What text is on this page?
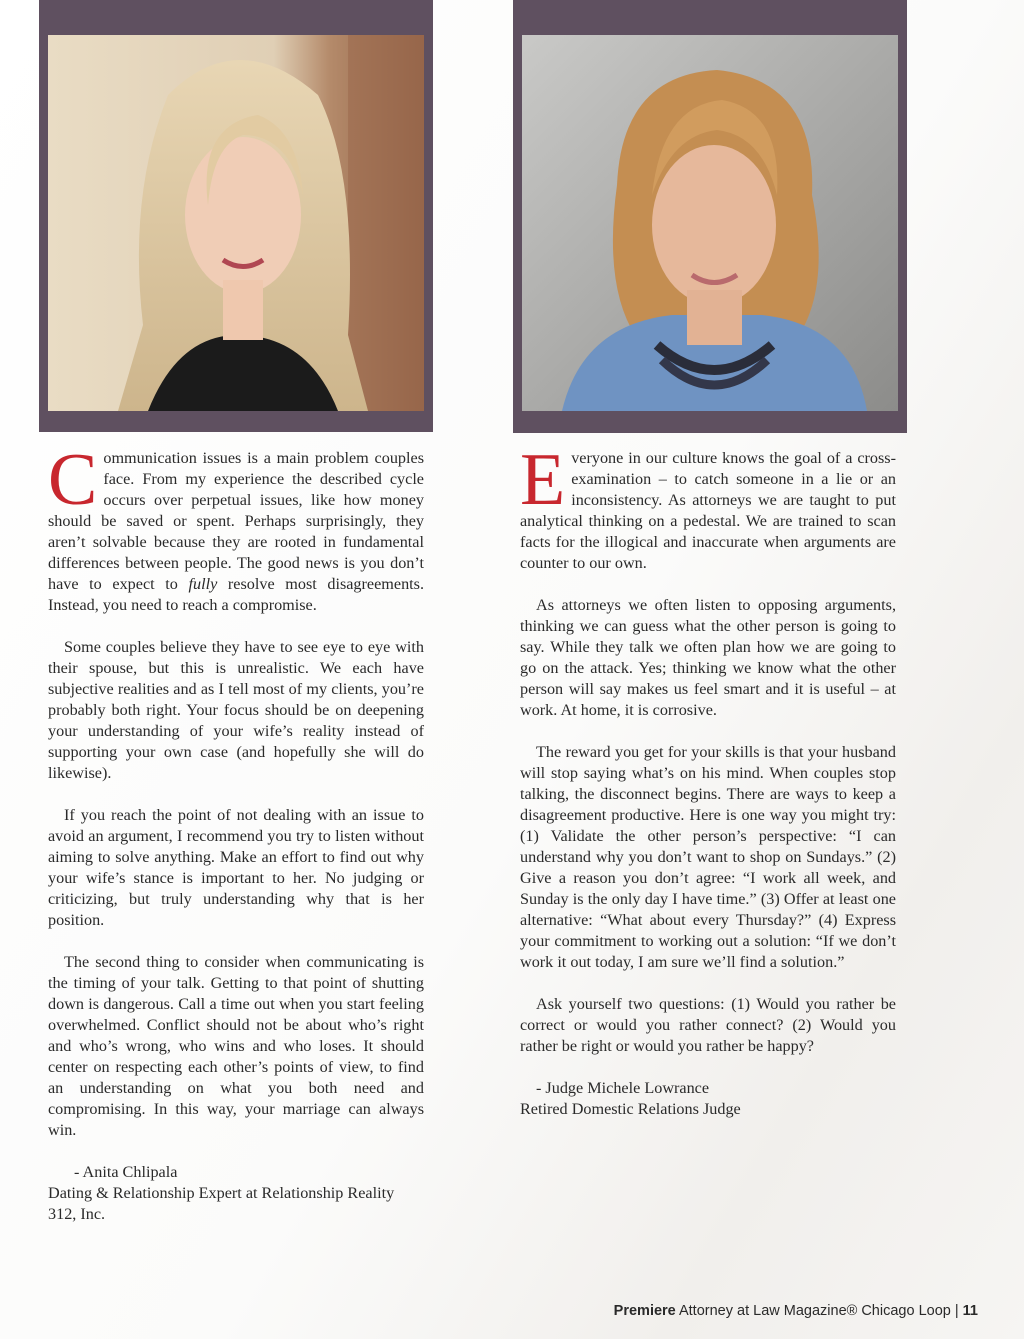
Communication issues is a main problem couples face. From my experience the described cycle occurs over perpetual issues, like how money should be saved or spent. Perhaps surprisingly, they aren’t solvable because they are rooted in fundamental differences between people. The good news is you don’t have to expect to fully resolve most disagreements. Instead, you need to reach a compromise.

Some couples believe they have to see eye to eye with their spouse, but this is unrealistic. We each have subjective realities and as I tell most of my clients, you’re probably both right. Your focus should be on deepening your understanding of your wife’s reality instead of supporting your own case (and hopefully she will do likewise).

If you reach the point of not dealing with an issue to avoid an argument, I recommend you try to listen without aiming to solve anything. Make an effort to find out why your wife’s stance is important to her. No judging or criticizing, but truly understanding why that is her position.

The second thing to consider when communicating is the timing of your talk. Getting to that point of shutting down is dangerous. Call a time out when you start feeling overwhelmed. Conflict should not be about who’s right and who’s wrong, who wins and who loses. It should center on respecting each other’s points of view, to find an understanding on what you both need and compromising. In this way, your marriage can always win.

- Anita Chlipala
Dating & Relationship Expert at Relationship Reality 312, Inc.

Everyone in our culture knows the goal of a cross-examination – to catch someone in a lie or an inconsistency. As attorneys we are taught to put analytical thinking on a pedestal. We are trained to scan facts for the illogical and inaccurate when arguments are counter to our own.

As attorneys we often listen to opposing arguments, thinking we can guess what the other person is going to say. While they talk we often plan how we are going to go on the attack. Yes; thinking we know what the other person will say makes us feel smart and it is useful – at work. At home, it is corrosive.

The reward you get for your skills is that your husband will stop saying what’s on his mind. When couples stop talking, the disconnect begins. There are ways to keep a disagreement productive. Here is one way you might try: (1) Validate the other person’s perspective: “I can understand why you don’t want to shop on Sundays.” (2) Give a reason you don’t agree: “I work all week, and Sunday is the only day I have time.” (3) Offer at least one alternative: “What about every Thursday?” (4) Express your commitment to working out a solution: “If we don’t work it out today, I am sure we’ll find a solution.”

Ask yourself two questions: (1) Would you rather be correct or would you rather connect? (2) Would you rather be right or would you rather be happy?

- Judge Michele Lowrance
Retired Domestic Relations Judge
Premiere Attorney at Law Magazine® Chicago Loop | 11
